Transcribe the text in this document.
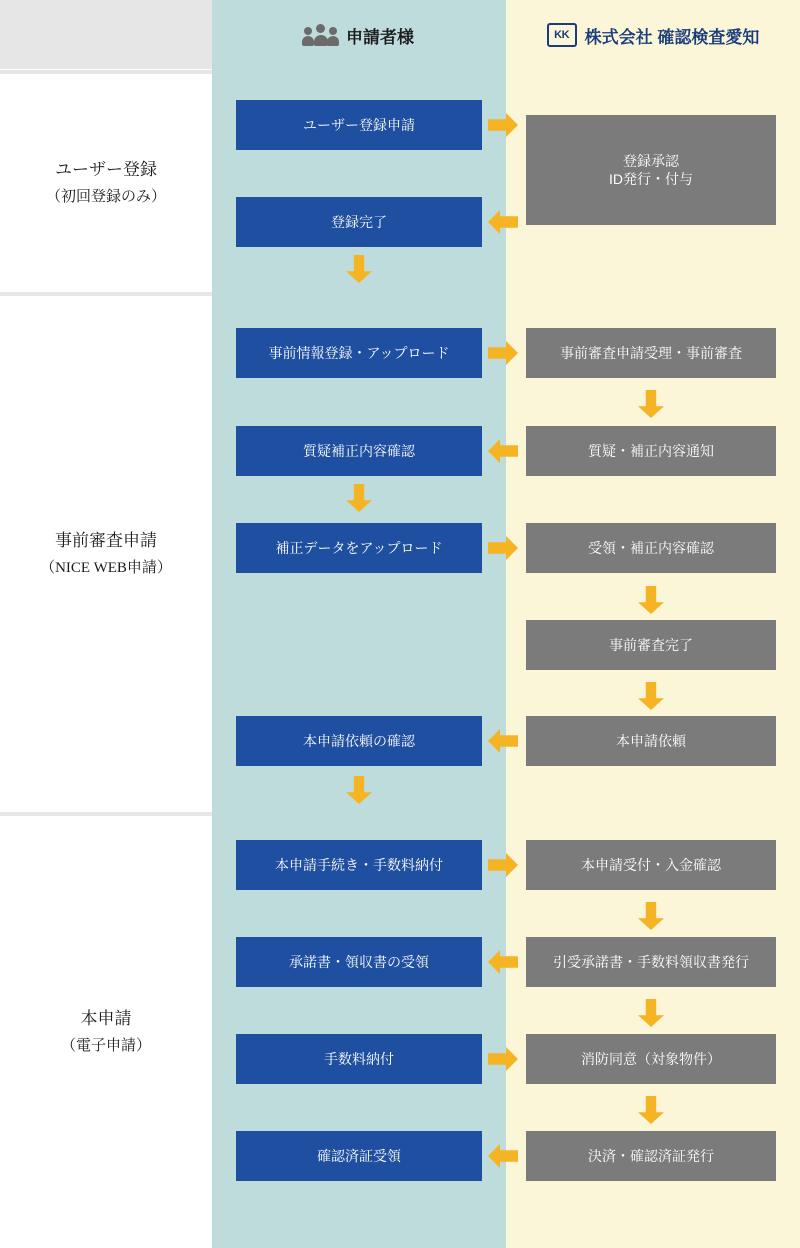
申請者様	KK 株式会社 確認検査愛知
ユーザー登録
（初回登録のみ）
事前審査申請
（NICE WEB申請）
本申請
（電子申請）
ユーザー登録申請
登録承認
ID発行・付与
登録完了
事前情報登録・アップロード	事前審査申請受理・事前審査
質疑補正内容確認	質疑・補正内容通知
補正データをアップロード	受領・補正内容確認
事前審査完了
本申請依頼の確認	本申請依頼
本申請手続き・手数料納付	本申請受付・入金確認
承諾書・領収書の受領	引受承諾書・手数料領収書発行
手数料納付	消防同意（対象物件）
確認済証受領	決済・確認済証発行
